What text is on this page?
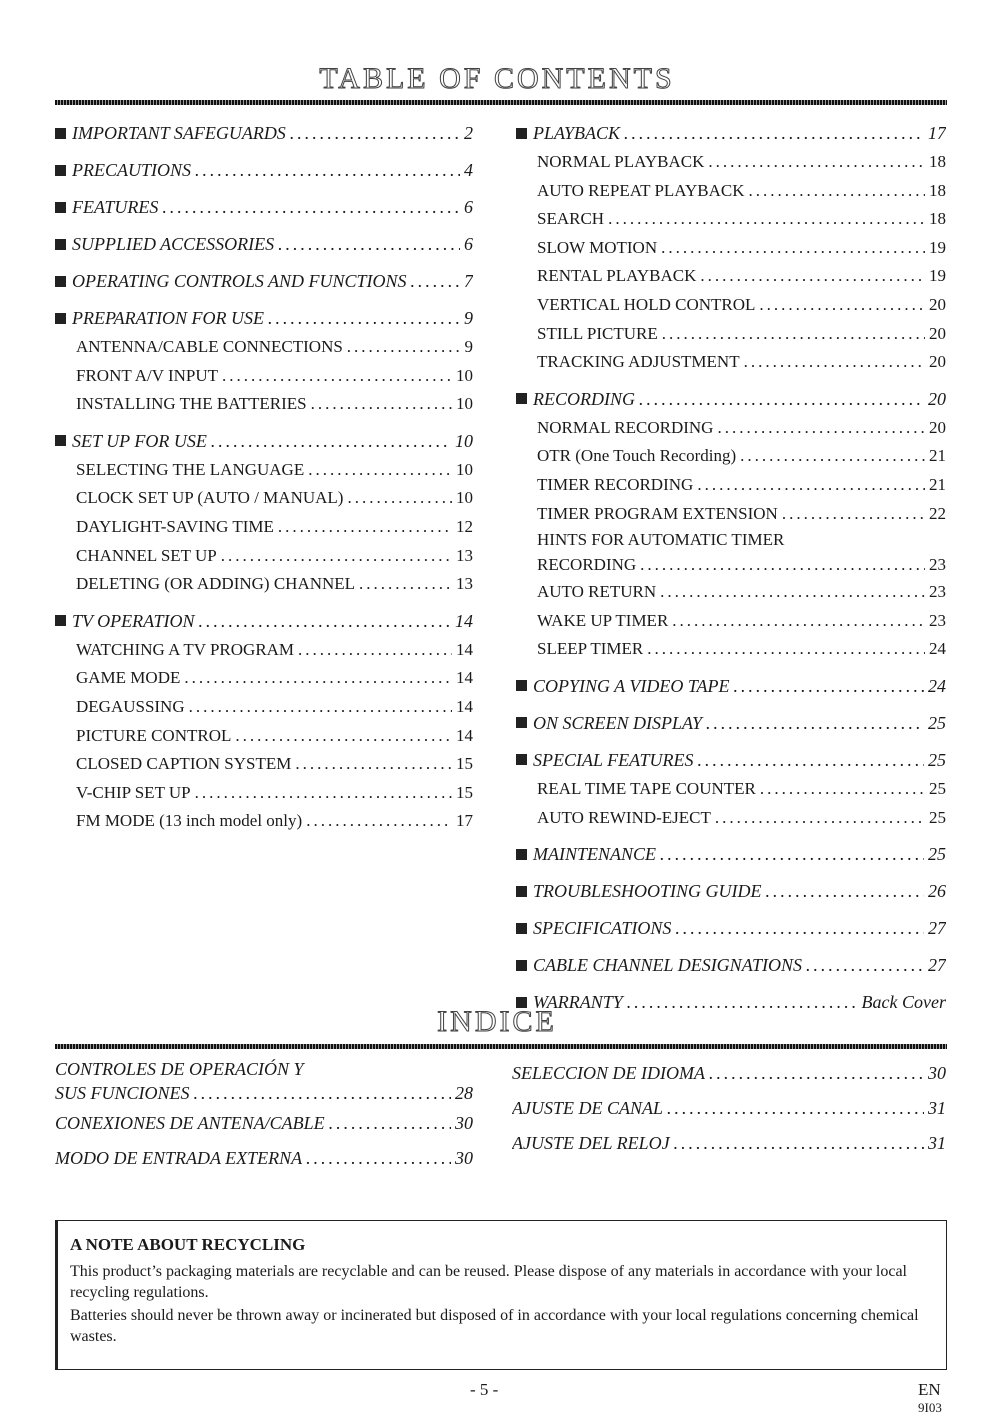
TABLE OF CONTENTS
IMPORTANT SAFEGUARDS .....	2
PRECAUTIONS .....	4
FEATURES .....	6
SUPPLIED ACCESSORIES .....	6
OPERATING CONTROLS AND FUNCTIONS .....	7
PREPARATION FOR USE .....	9
ANTENNA/CABLE CONNECTIONS .....	9
FRONT A/V INPUT .....	10
INSTALLING THE BATTERIES .....	10
SET UP FOR USE .....	10
SELECTING THE LANGUAGE .....	10
CLOCK SET UP (AUTO / MANUAL) .....	10
DAYLIGHT-SAVING TIME .....	12
CHANNEL SET UP .....	13
DELETING (OR ADDING) CHANNEL .....	13
TV OPERATION .....	14
WATCHING A TV PROGRAM .....	14
GAME MODE .....	14
DEGAUSSING .....	14
PICTURE CONTROL .....	14
CLOSED CAPTION SYSTEM .....	15
V-CHIP SET UP .....	15
FM MODE (13 inch model only) .....	17
PLAYBACK .....	17
NORMAL PLAYBACK .....	18
AUTO REPEAT PLAYBACK .....	18
SEARCH .....	18
SLOW MOTION .....	19
RENTAL PLAYBACK .....	19
VERTICAL HOLD CONTROL .....	20
STILL PICTURE .....	20
TRACKING ADJUSTMENT .....	20
RECORDING .....	20
NORMAL RECORDING .....	20
OTR (One Touch Recording) .....	21
TIMER RECORDING .....	21
TIMER PROGRAM EXTENSION .....	22
HINTS FOR AUTOMATIC TIMER
RECORDING .....	23
AUTO RETURN .....	23
WAKE UP TIMER .....	23
SLEEP TIMER .....	24
COPYING A VIDEO TAPE .....	24
ON SCREEN DISPLAY .....	25
SPECIAL FEATURES .....	25
REAL TIME TAPE COUNTER .....	25
AUTO REWIND-EJECT .....	25
MAINTENANCE .....	25
TROUBLESHOOTING GUIDE .....	26
SPECIFICATIONS .....	27
CABLE CHANNEL DESIGNATIONS .....	27
WARRANTY .....	Back Cover
INDICE
CONTROLES DE OPERACIÓN Y
SUS FUNCIONES .....	28
CONEXIONES DE ANTENA/CABLE .....	30
MODO DE ENTRADA EXTERNA .....	30
SELECCION DE IDIOMA .....	30
AJUSTE DE CANAL .....	31
AJUSTE DEL RELOJ .....	31
A NOTE ABOUT RECYCLING
This product’s packaging materials are recyclable and can be reused. Please dispose of any materials in accordance with your local recycling regulations.
Batteries should never be thrown away or incinerated but disposed of in accordance with your local regulations concerning chemical wastes.
- 5 -	EN
9I03
